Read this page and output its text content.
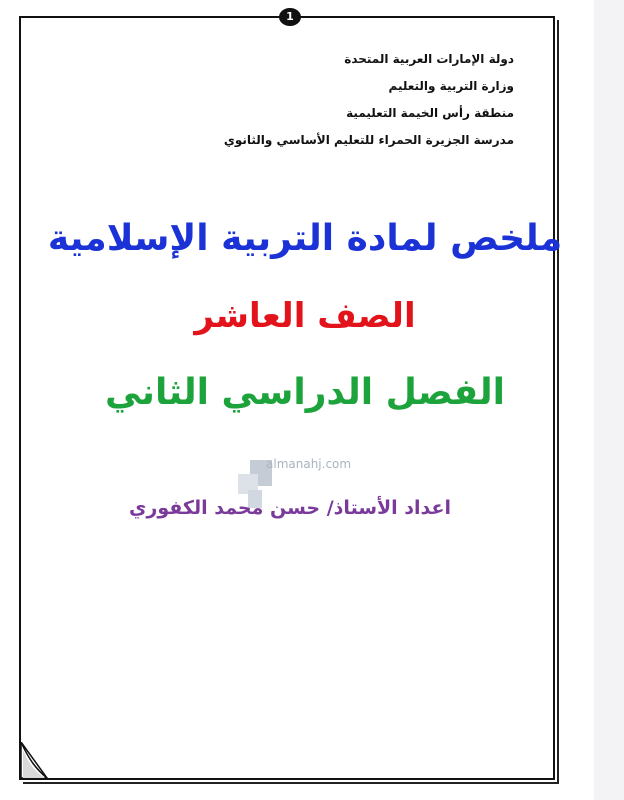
1
دولة الإمارات العربية المتحدة
وزارة التربية والتعليم
منطقة رأس الخيمة التعليمية
مدرسة الجزيرة الحمراء للتعليم الأساسي والثانوي
ملخص لمادة التربية الإسلامية
الصف العاشر
الفصل الدراسي الثاني
almanahj.com
اعداد الأستاذ/ حسن محمد الكفوري
